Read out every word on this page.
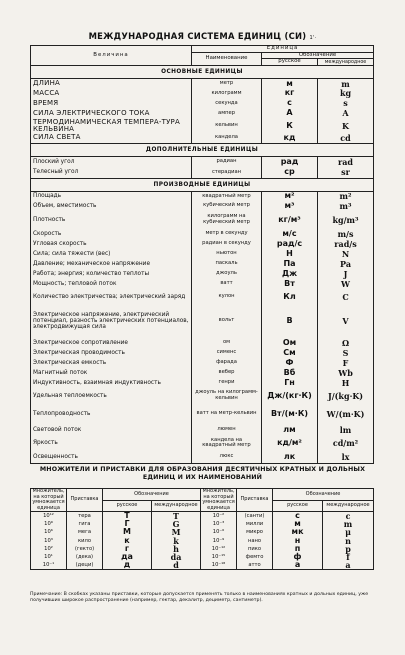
МЕЖДУНАРОДНАЯ СИСТЕМА ЕДИНИЦ (СИ) 1'·
Величина	Единица		
	Наименование	Обозначение	
		русское	международное
ОСНОВНЫЕ ЕДИНИЦЫ			
ДЛИНА	метр	м	m
МАССА	килограмм	кг	kg
ВРЕМЯ	секунда	с	s
СИЛА ЭЛЕКТРИЧЕСКОГО ТОКА	ампер	А	A
ТЕРМОДИНАМИЧЕСКАЯ ТЕМПЕРА-ТУРА КЕЛЬВИНА	кельвин	К	K
СИЛА СВЕТА	кандела	кд	cd
ДОПОЛНИТЕЛЬНЫЕ ЕДИНИЦЫ			
Плоский угол	радиан	рад	rad
Телесный угол	стерадиан	ср	sr
ПРОИЗВОДНЫЕ ЕДИНИЦЫ			
Площадь	квадратный метр	м²	m²
Объем, вместимость	кубический метр	м³	m³
Плотность	килограмм на кубический метр	кг/м³	kg/m³
Скорость	метр в секунду	м/с	m/s
Угловая скорость	радиан в секунду	рад/с	rad/s
Сила; сила тяжести (вес)	ньютон	Н	N
Давление; механическое напряжение	паскаль	Па	Pa
Работа; энергия; количество теплоты	джоуль	Дж	J
Мощность; тепловой поток	ватт	Вт	W
Количество электричества; электрический заряд	кулон	Кл	C
Электрическое напряжение, электрический потенциал, разность электрических потенциалов, электродвижущая сила	вольт	В	V
Электрическое сопротивление	ом	Ом	Ω
Электрическая проводимость	сименс	См	S
Электрическая емкость	фарада	Ф	F
Магнитный поток	вебер	Вб	Wb
Индуктивность, взаимная индуктивность	генри	Гн	H
Удельная теплоемкость	джоуль на килограмм-кельвин	Дж/(кг·К)	J/(kg·K)
Теплопроводность	ватт на метр-кельвин	Вт/(м·К)	W/(m·K)
Световой поток	люмен	лм	lm
Яркость	кандела на квадратный метр	кд/м²	cd/m²
Освещенность	люкс	лк	lx
МНОЖИТЕЛИ И ПРИСТАВКИ ДЛЯ ОБРАЗОВАНИЯ ДЕСЯТИЧНЫХ КРАТНЫХ И ДОЛЬНЫХ ЕДИНИЦ И ИХ НАИМЕНОВАНИЙ
Множитель, на который умножается единица	Приставка	Обозначение		Множитель, на который умножается единица	Приставка	Обозначение	
		русское	международное			русское	международное
10¹²	тера	Т	T	10⁻²	(санти)	с	c
10⁹	гига	Г	G	10⁻³	милли	м	m
10⁶	мега	М	M	10⁻⁶	микро	мк	μ
10³	кило	к	k	10⁻⁹	нано	н	n
10²	(гекто)	г	h	10⁻¹²	пико	п	p
10¹	(дека)	да	da	10⁻¹⁵	фемто	ф	f
10⁻¹	(деци)	д	d	10⁻¹⁸	атто	а	a
Примечание: В скобках указаны приставки, которые допускается применять только в наименованиях кратных и дольных единиц, уже получивших широкое распространение (например, гектар, декалитр, дециметр, сантиметр).
